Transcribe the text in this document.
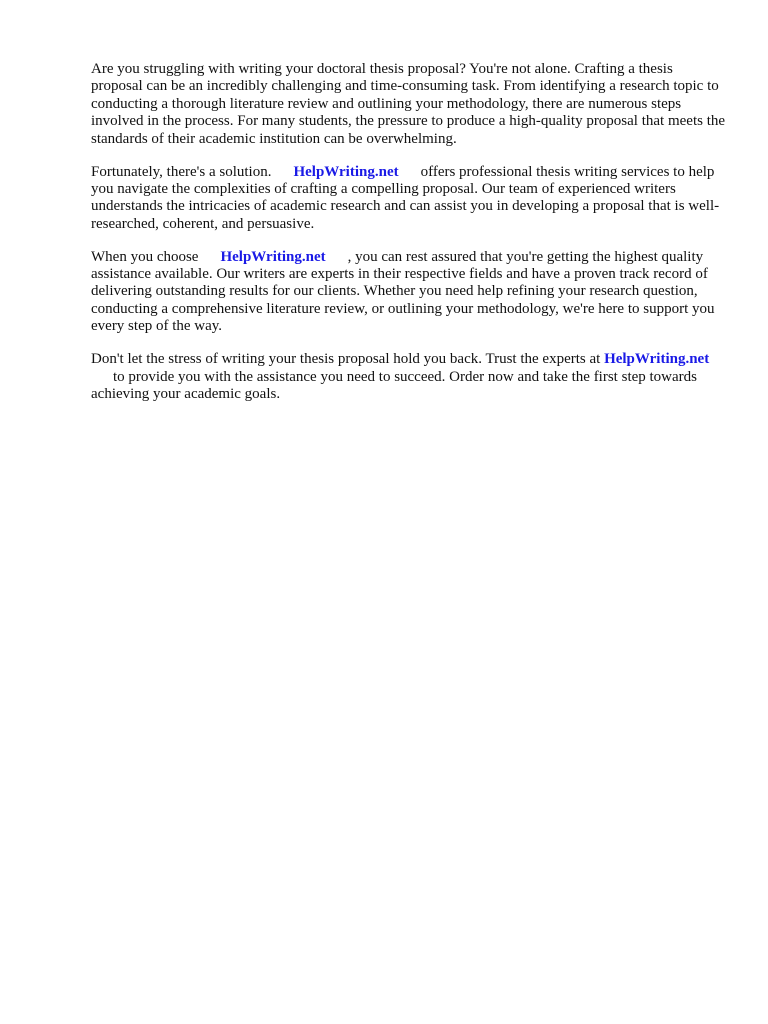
Are you struggling with writing your doctoral thesis proposal? You're not alone. Crafting a thesis proposal can be an incredibly challenging and time-consuming task. From identifying a research topic to conducting a thorough literature review and outlining your methodology, there are numerous steps involved in the process. For many students, the pressure to produce a high-quality proposal that meets the standards of their academic institution can be overwhelming.

Fortunately, there's a solution. HelpWriting.net offers professional thesis writing services to help you navigate the complexities of crafting a compelling proposal. Our team of experienced writers understands the intricacies of academic research and can assist you in developing a proposal that is well-researched, coherent, and persuasive.

When you choose HelpWriting.net , you can rest assured that you're getting the highest quality assistance available. Our writers are experts in their respective fields and have a proven track record of delivering outstanding results for our clients. Whether you need help refining your research question, conducting a comprehensive literature review, or outlining your methodology, we're here to support you every step of the way.

Don't let the stress of writing your thesis proposal hold you back. Trust the experts at HelpWriting.netto provide you with the assistance you need to succeed. Order now and take the first step towards achieving your academic goals.
